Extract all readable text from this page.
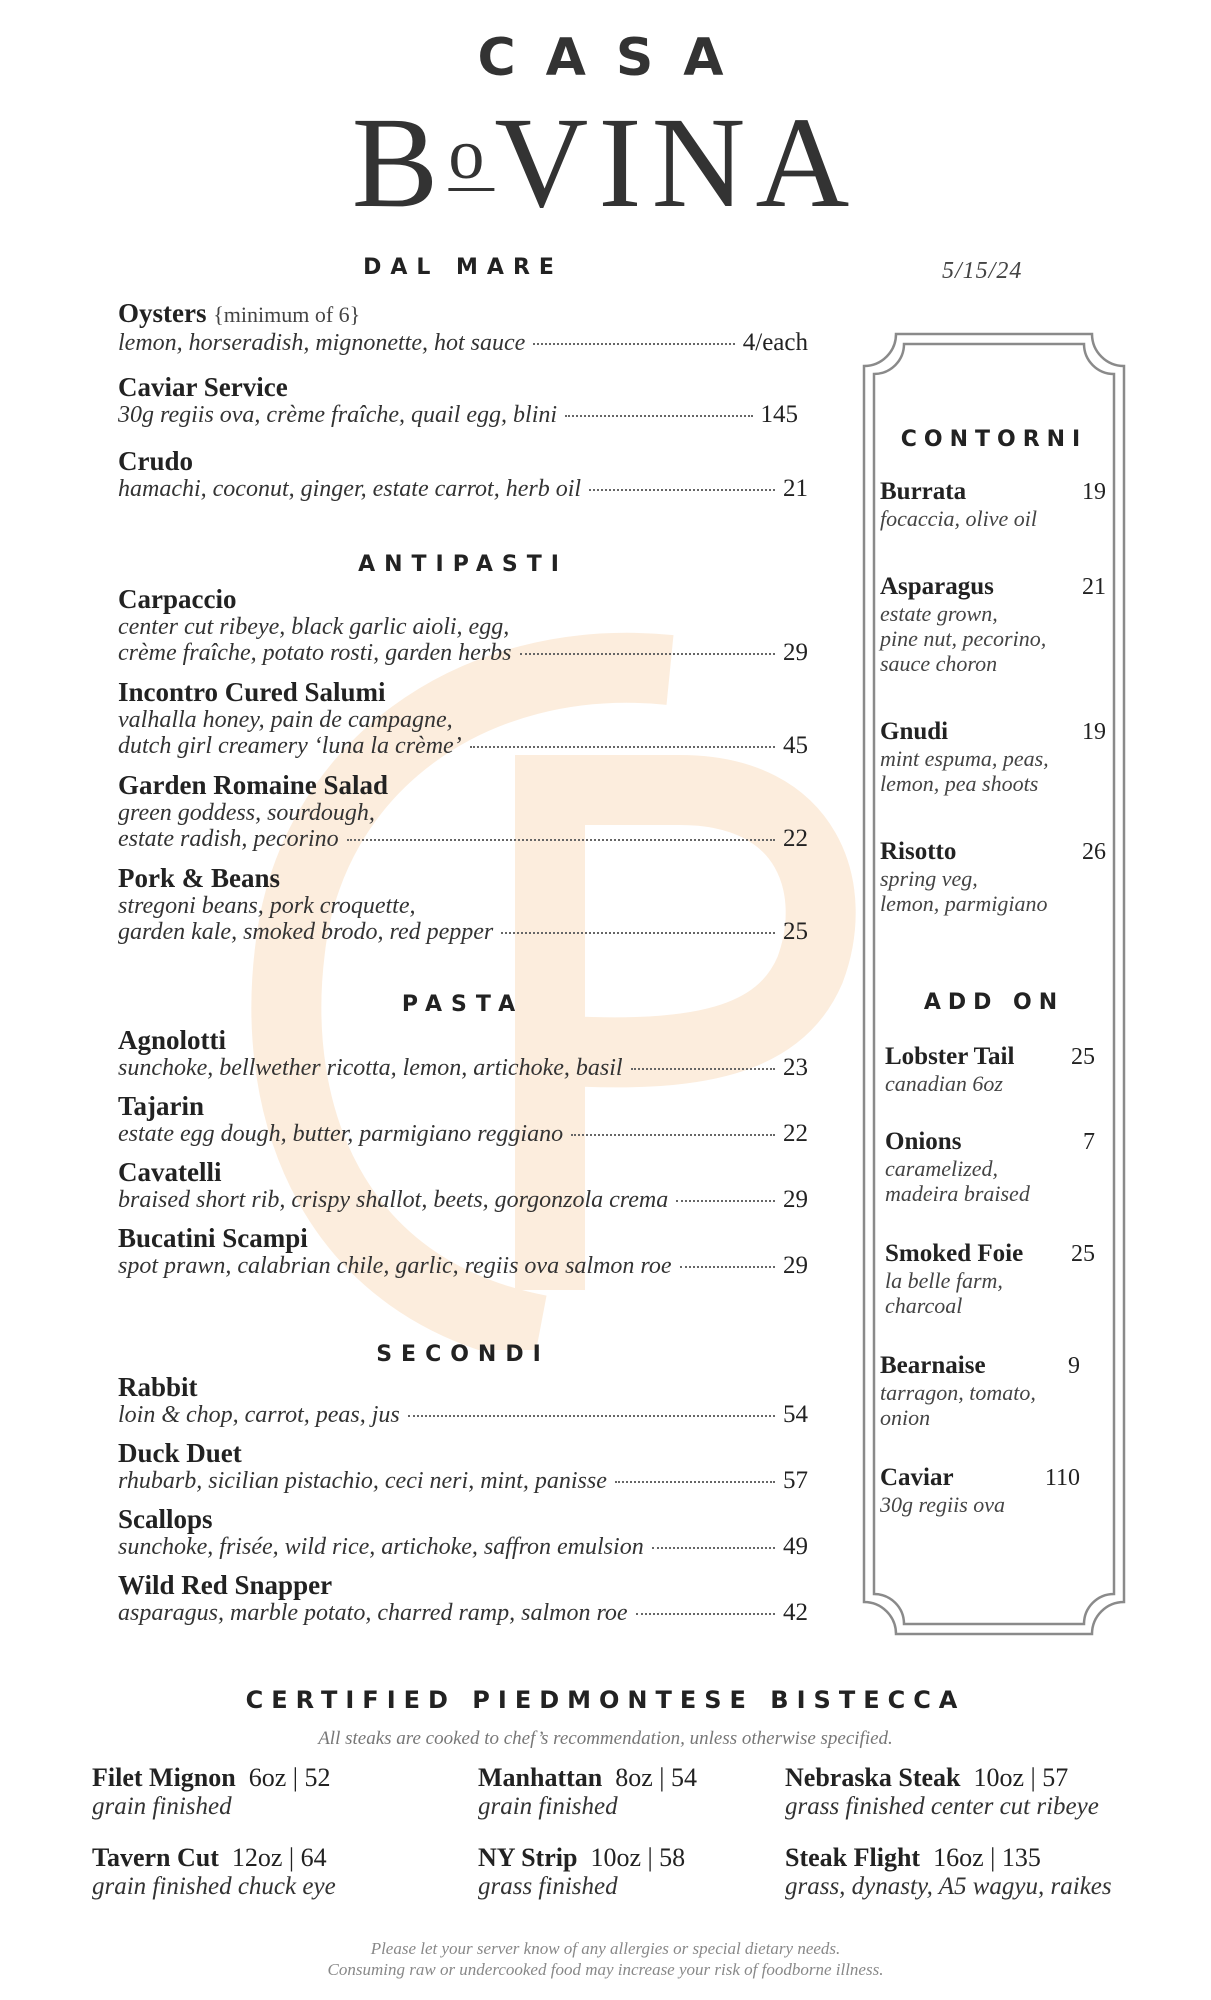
CASA
$B^oVINA$
5/15/24
DAL MARE
Oysters {minimum of 6}
lemon, horseradish, mignonette, hot sauce	4/each
Caviar Service
30g regiis ova, crème fraîche, quail egg, blini	145
Crudo
hamachi, coconut, ginger, estate carrot, herb oil	21
ANTIPASTI
Carpaccio
center cut ribeye, black garlic aioli, egg,
crème fraîche, potato rosti, garden herbs	29
Incontro Cured Salumi
valhalla honey, pain de campagne,
dutch girl creamery ‘luna la crème’	45
Garden Romaine Salad
green goddess, sourdough,
estate radish, pecorino	22
Pork & Beans
stregoni beans, pork croquette,
garden kale, smoked brodo, red pepper	25
PASTA
Agnolotti
sunchoke, bellwether ricotta, lemon, artichoke, basil	23
Tajarin
estate egg dough, butter, parmigiano reggiano	22
Cavatelli
braised short rib, crispy shallot, beets, gorgonzola crema	29
Bucatini Scampi
spot prawn, calabrian chile, garlic, regiis ova salmon roe	29
SECONDI
Rabbit
loin & chop, carrot, peas, jus	54
Duck Duet
rhubarb, sicilian pistachio, ceci neri, mint, panisse	57
Scallops
sunchoke, frisée, wild rice, artichoke, saffron emulsion	49
Wild Red Snapper
asparagus, marble potato, charred ramp, salmon roe	42
CONTORNI
Burrata	19
focaccia, olive oil
Asparagus	21
estate grown,
pine nut, pecorino,
sauce choron
Gnudi	19
mint espuma, peas,
lemon, pea shoots
Risotto	26
spring veg,
lemon, parmigiano
ADD ON
Lobster Tail 25
canadian 6oz
Onions	7
caramelized,
madeira braised
Smoked Foie 25
la belle farm,
charcoal
Bearnaise	9
tarragon, tomato,
onion
Caviar	110
30g regiis ova
CERTIFIED PIEDMONTESE BISTECCA
All steaks are cooked to chef’s recommendation, unless otherwise specified.
Filet Mignon 6oz | 52
grain finished
Manhattan 8oz | 54
grain finished
Nebraska Steak 10oz | 57
grass finished center cut ribeye
Tavern Cut 12oz | 64
grain finished chuck eye
NY Strip 10oz | 58
grass finished
Steak Flight 16oz | 135
grass, dynasty, A5 wagyu, raikes
Please let your server know of any allergies or special dietary needs.
Consuming raw or undercooked food may increase your risk of foodborne illness.
